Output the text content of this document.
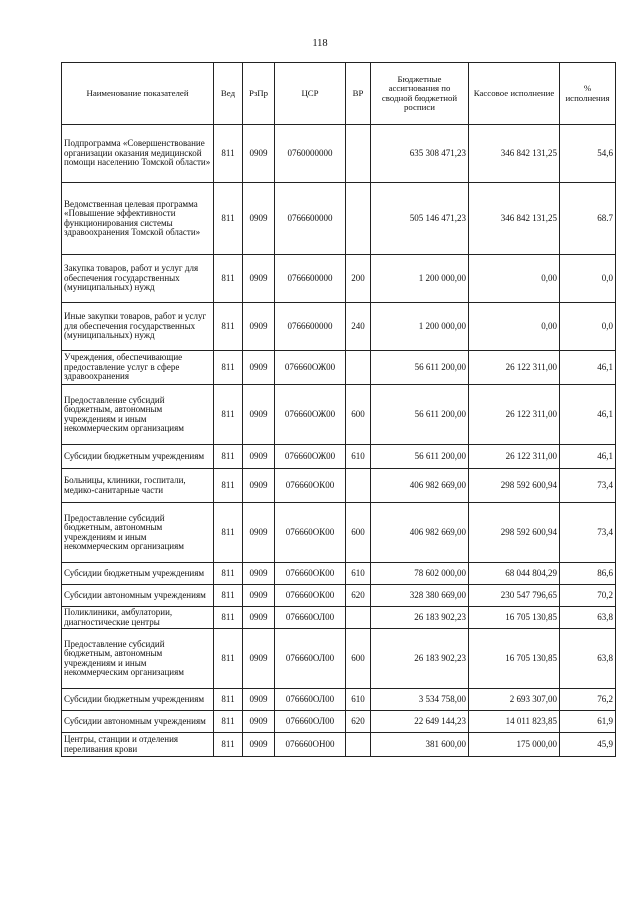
118
Наименование показателей	Вед	РзПр	ЦСР	ВР	Бюджетные ассигнования по сводной бюджетной росписи	Кассовое исполнение	% исполнения
Подпрограмма «Совершенствование организации оказания медицинской помощи населению Томской области»	811	0909	0760000000		635 308 471,23	346 842 131,25	54,6
Ведомственная целевая программа «Повышение эффективности функционирования системы здравоохранения Томской области»	811	0909	0766600000		505 146 471,23	346 842 131,25	68.7
Закупка товаров, работ и услуг для обеспечения государственных (муниципальных) нужд	811	0909	0766600000	200	1 200 000,00	0,00	0,0
Иные закупки товаров, работ и услуг для обеспечения государственных (муниципальных) нужд	811	0909	0766600000	240	1 200 000,00	0,00	0,0
Учреждения, обеспечивающие предоставление услуг в сфере здравоохранения	811	0909	076660ОЖ00		56 611 200,00	26 122 311,00	46,1
Предоставление субсидий бюджетным, автономным учреждениям и иным некоммерческим организациям	811	0909	076660ОЖ00	600	56 611 200,00	26 122 311,00	46,1
Субсидии бюджетным учреждениям	811	0909	076660ОЖ00	610	56 611 200,00	26 122 311,00	46,1
Больницы, клиники, госпитали, медико-санитарные части	811	0909	076660ОК00		406 982 669,00	298 592 600,94	73,4
Предоставление субсидий бюджетным, автономным учреждениям и иным некоммерческим организациям	811	0909	076660ОК00	600	406 982 669,00	298 592 600,94	73,4
Субсидии бюджетным учреждениям	811	0909	076660ОК00	610	78 602 000,00	68 044 804,29	86,6
Субсидии автономным учреждениям	811	0909	076660ОК00	620	328 380 669,00	230 547 796,65	70,2
Поликлиники, амбулатории, диагностические центры	811	0909	076660ОЛ00		26 183 902,23	16 705 130,85	63,8
Предоставление субсидий бюджетным, автономным учреждениям и иным некоммерческим организациям	811	0909	076660ОЛ00	600	26 183 902,23	16 705 130,85	63,8
Субсидии бюджетным учреждениям	811	0909	076660ОЛ00	610	3 534 758,00	2 693 307,00	76,2
Субсидии автономным учреждениям	811	0909	076660ОЛ00	620	22 649 144,23	14 011 823,85	61,9
Центры, станции и отделения переливания крови	811	0909	076660ОН00		381 600,00	175 000,00	45,9
